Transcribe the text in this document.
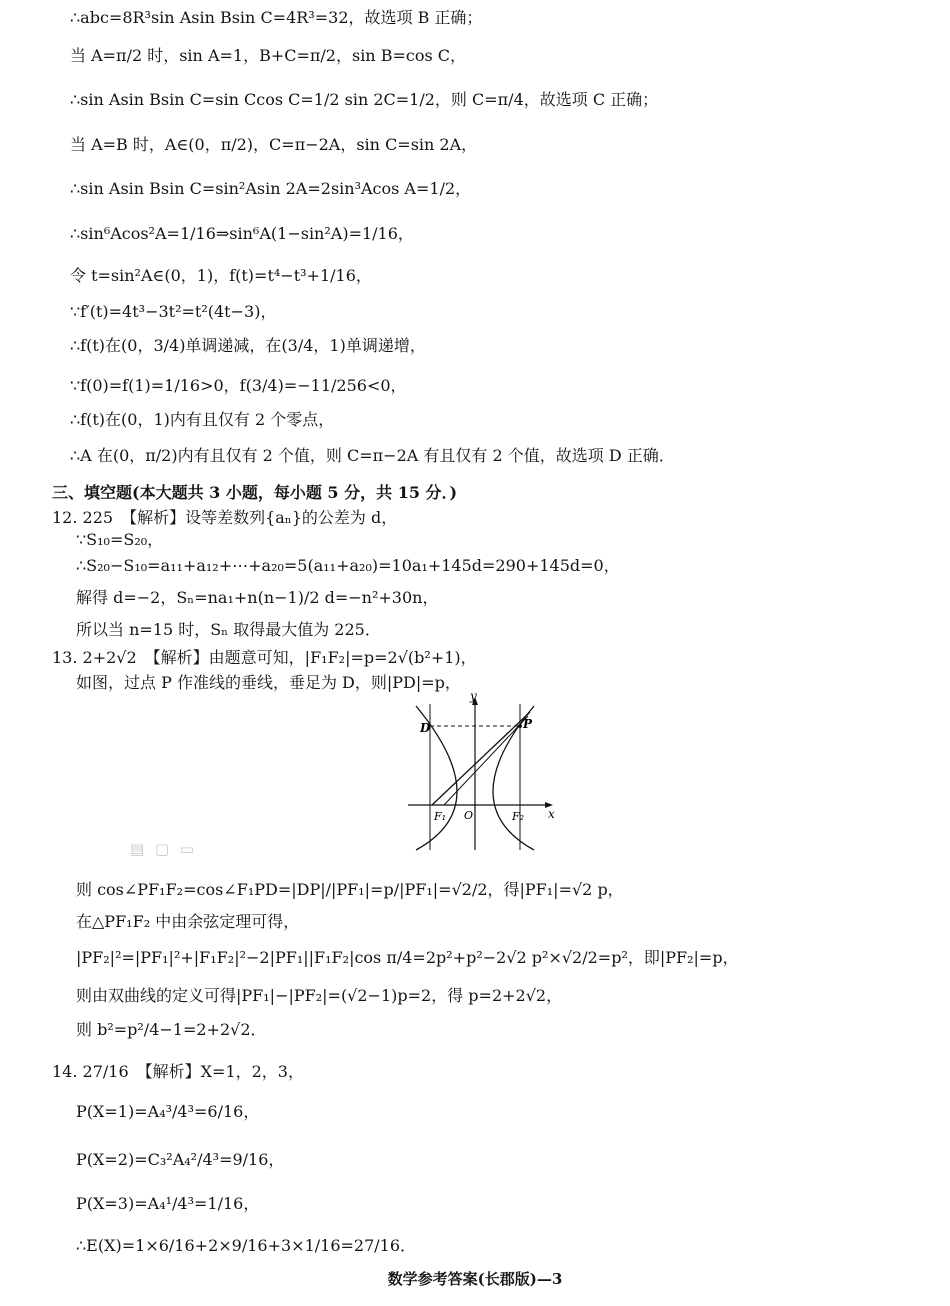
∴abc=8R³sin Asin Bsin C=4R³=32，故选项 B 正确；
当 A=π/2 时，sin A=1，B+C=π/2，sin B=cos C，
∴sin Asin Bsin C=sin Ccos C=1/2 sin 2C=1/2，则 C=π/4，故选项 C 正确；
当 A=B 时，A∈(0，π/2)，C=π−2A，sin C=sin 2A，
∴sin Asin Bsin C=sin²Asin 2A=2sin³Acos A=1/2，
∴sin⁶Acos²A=1/16⇒sin⁶A(1−sin²A)=1/16，
令 t=sin²A∈(0，1)，f(t)=t⁴−t³+1/16，
∵f′(t)=4t³−3t²=t²(4t−3)，
∴f(t)在(0，3/4)单调递减，在(3/4，1)单调递增，
∵f(0)=f(1)=1/16>0，f(3/4)=−11/256<0，
∴f(t)在(0，1)内有且仅有 2 个零点，
∴A 在(0，π/2)内有且仅有 2 个值，则 C=π−2A 有且仅有 2 个值，故选项 D 正确．
三、填空题(本大题共 3 小题，每小题 5 分，共 15 分．)
12. 225　【解析】设等差数列{aₙ}的公差为 d，
∵S₁₀=S₂₀，
∴S₂₀−S₁₀=a₁₁+a₁₂+⋯+a₂₀=5(a₁₁+a₂₀)=10a₁+145d=290+145d=0，
解得 d=−2，Sₙ=na₁+n(n−1)/2 d=−n²+30n，
所以当 n=15 时，Sₙ 取得最大值为 225．
13. 2+2√2　【解析】由题意可知，|F₁F₂|=p=2√(b²+1)，
如图，过点 P 作准线的垂线，垂足为 D，则|PD|=p，
y
x
D	P
F₁ O	F₂
▤ ▢ ▭
则 cos∠PF₁F₂=cos∠F₁PD=|DP|/|PF₁|=p/|PF₁|=√2/2，得|PF₁|=√2 p，
在△PF₁F₂ 中由余弦定理可得，
|PF₂|²=|PF₁|²+|F₁F₂|²−2|PF₁||F₁F₂|cos π/4=2p²+p²−2√2 p²×√2/2=p²，即|PF₂|=p，
则由双曲线的定义可得|PF₁|−|PF₂|=(√2−1)p=2，得 p=2+2√2，
则 b²=p²/4−1=2+2√2．
14. 27/16　【解析】X=1，2，3，
P(X=1)=A₄³/4³=6/16，
P(X=2)=C₃²A₄²/4³=9/16，
P(X=3)=A₄¹/4³=1/16，
∴E(X)=1×6/16+2×9/16+3×1/16=27/16．
数学参考答案(长郡版)—3
